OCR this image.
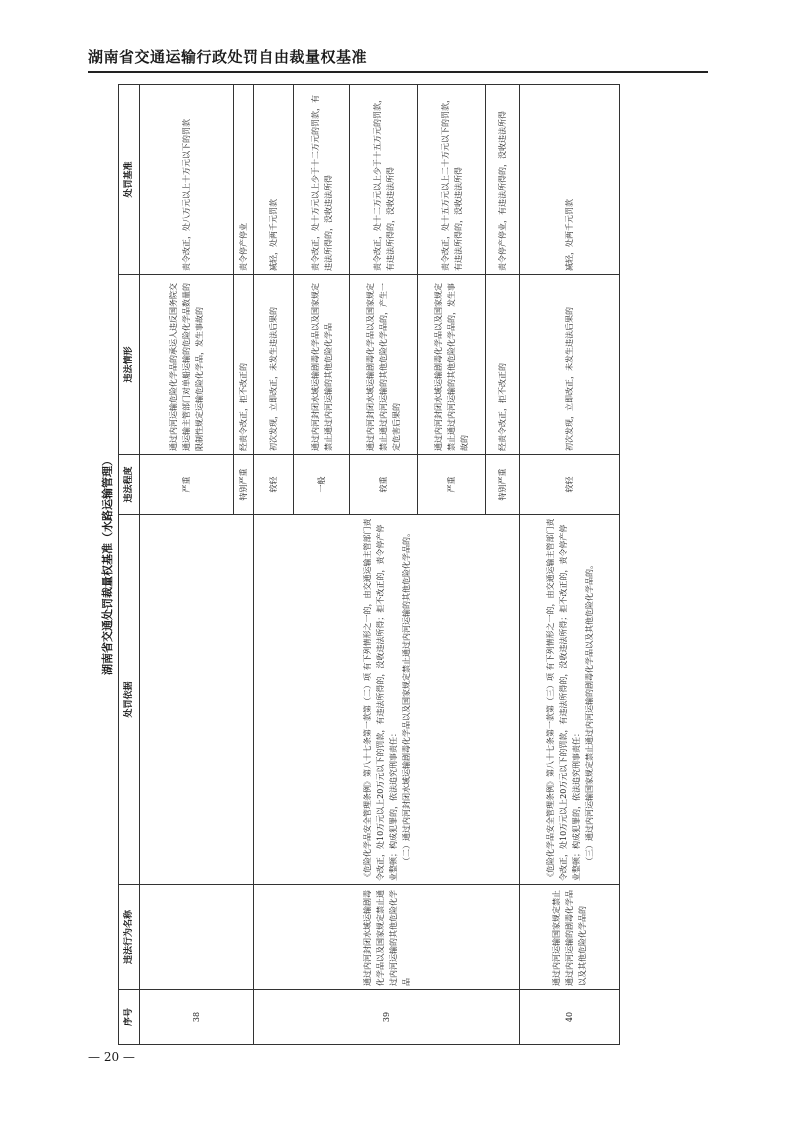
湖南省交通运输行政处罚自由裁量权基准
湖南省交通处罚裁量权基准（水路运输管理）
序号	违法行为名称	处罚依据	违法程度	违法情形	处罚基准
38			严重	通过内河运输危险化学品的承运人违反国务院交通运输主管部门对单船运输的危险化学品数量的限制性规定运输危险化学品，发生事故的	责令改正，处八万元以上十万元以下的罚款
			特别严重	经责令改正，拒不改正的	责令停产停业
39	通过内河封闭水域运输剧毒化学品以及国家规定禁止通过内河运输的其他危险化学品	《危险化学品安全管理条例》第八十七条第一款第（二）项 有下列情形之一的，由交通运输主管部门责令改正，处10万元以上20万元以下的罚款，有违法所得的，没收违法所得；拒不改正的，责令停产停业整顿；构成犯罪的，依法追究刑事责任： （二）通过内河封闭水域运输剧毒化学品以及国家规定禁止通过内河运输的其他危险化学品的。	较轻	初次发现，立即改正，未发生违法后果的	减轻，处两千元罚款
			一般	通过内河封闭水域运输剧毒化学品以及国家规定禁止通过内河运输的其他危险化学品	责令改正，处十万元以上少于十二万元的罚款，有违法所得的，没收违法所得
			较重	通过内河封闭水域运输剧毒化学品以及国家规定禁止通过内河运输的其他危险化学品的，产生一定危害后果的	责令改正，处十二万元以上少于十五万元的罚款，有违法所得的，没收违法所得
			严重	通过内河封闭水域运输剧毒化学品以及国家规定禁止通过内河运输的其他危险化学品的，发生事故的	责令改正，处十五万元以上二十万元以下的罚款，有违法所得的，没收违法所得
			特别严重	经责令改正，拒不改正的	责令停产停业，有违法所得的，没收违法所得
40	通过内河运输国家规定禁止通过内河运输的剧毒化学品以及其他危险化学品的	《危险化学品安全管理条例》第八十七条第一款第（三）项 有下列情形之一的，由交通运输主管部门责令改正，处10万元以上20万元以下的罚款，有违法所得的，没收违法所得；拒不改正的，责令停产停业整顿；构成犯罪的，依法追究刑事责任： （三）通过内河运输国家规定禁止通过内河运输的剧毒化学品以及其他危险化学品的。	较轻	初次发现，立即改正，未发生违法后果的	减轻，处两千元罚款
— 20 —
